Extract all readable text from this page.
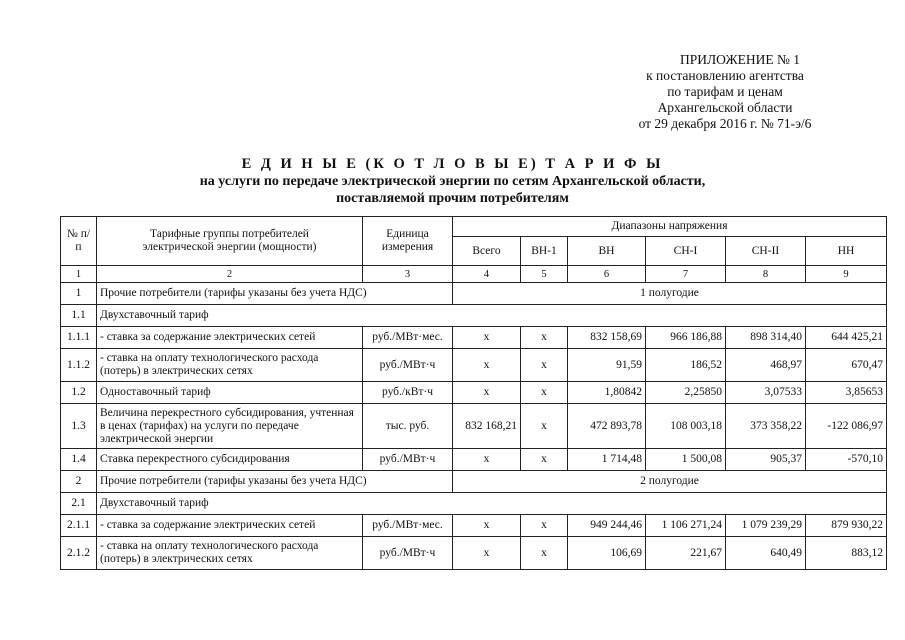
ПРИЛОЖЕНИЕ № 1
к постановлению агентства
по тарифам и ценам
Архангельской области
от 29 декабря 2016 г. № 71-э/6
Е Д И Н Ы Е (К О Т Л О В Ы Е) Т А Р И Ф Ы
на услуги по передаче электрической энергии по сетям Архангельской области,
поставляемой прочим потребителям
№ п/п	Тарифные группы потребителей электрической энергии (мощности)	Единица измерения	Диапазоны напряжения					
			Всего	ВН-1	ВН	СН-I	СН-II	НН
1	2	3	4	5	6	7	8	9
1	Прочие потребители (тарифы указаны без учета НДС)		1 полугодие					
1.1	Двухставочный тариф							
1.1.1	- ставка за содержание электрических сетей	руб./МВт·мес.	х	х	832 158,69	966 186,88	898 314,40	644 425,21
1.1.2	- ставка на оплату технологического расхода (потерь) в электрических сетях	руб./МВт·ч	х	х	91,59	186,52	468,97	670,47
1.2	Одноставочный тариф	руб./кВт·ч	х	х	1,80842	2,25850	3,07533	3,85653
1.3	Величина перекрестного субсидирования, учтенная в ценах (тарифах) на услуги по передаче электрической энергии	тыс. руб.	832 168,21	х	472 893,78	108 003,18	373 358,22	-122 086,97
1.4	Ставка перекрестного субсидирования	руб./МВт·ч	х	х	1 714,48	1 500,08	905,37	-570,10
2	Прочие потребители (тарифы указаны без учета НДС)		2 полугодие					
2.1	Двухставочный тариф							
2.1.1	- ставка за содержание электрических сетей	руб./МВт·мес.	х	х	949 244,46	1 106 271,24	1 079 239,29	879 930,22
2.1.2	- ставка на оплату технологического расхода (потерь) в электрических сетях	руб./МВт·ч	х	х	106,69	221,67	640,49	883,12
